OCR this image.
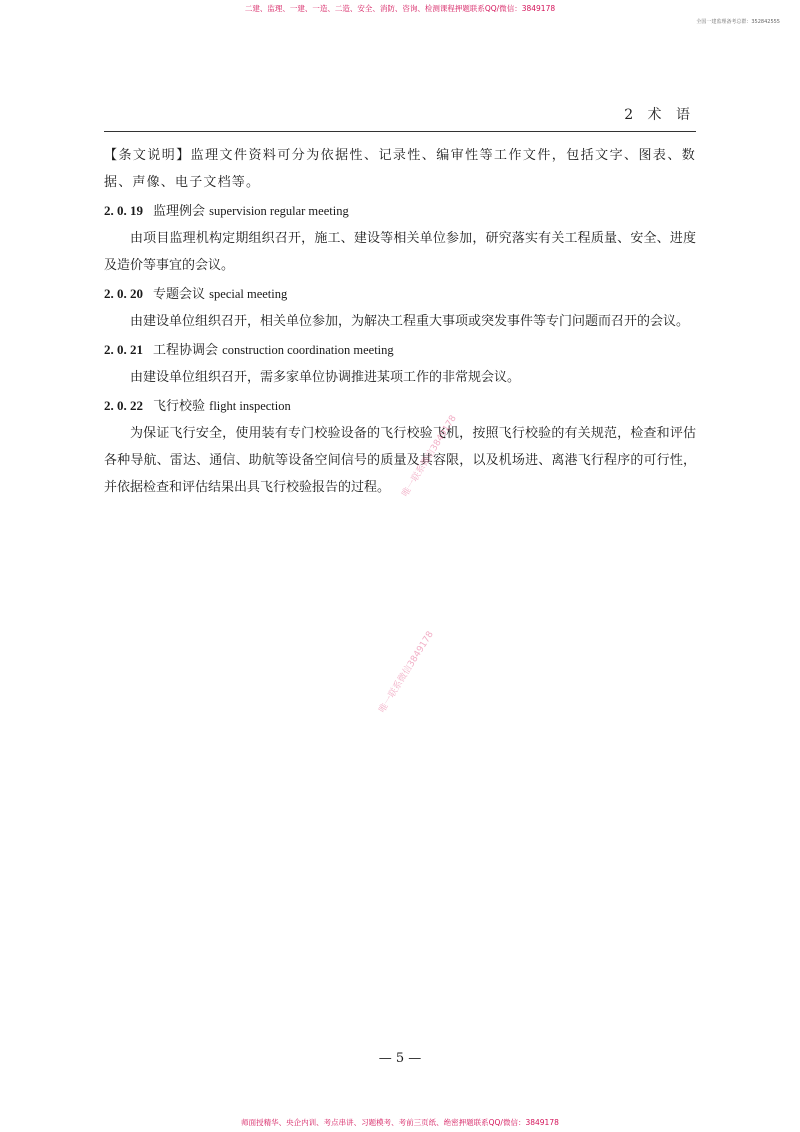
二建、监理、一建、一造、二造、安全、消防、咨询、检测课程押题联系QQ/微信：3849178
全国一建监理备考总群：352842555
2 术 语

【条文说明】监理文件资料可分为依据性、记录性、编审性等工作文件，包括文字、图表、数据、声像、电子文档等。

2. 0. 19 监理例会 supervision regular meeting

由项目监理机构定期组织召开，施工、建设等相关单位参加，研究落实有关工程质量、安全、进度及造价等事宜的会议。

2. 0. 20 专题会议 special meeting

由建设单位组织召开，相关单位参加，为解决工程重大事项或突发事件等专门问题而召开的会议。

2. 0. 21 工程协调会 construction coordination meeting

由建设单位组织召开，需多家单位协调推进某项工作的非常规会议。

2. 0. 22 飞行校验 flight inspection

为保证飞行安全，使用装有专门校验设备的飞行校验飞机，按照飞行校验的有关规范，检查和评估各种导航、雷达、通信、助航等设备空间信号的质量及其容限，以及机场进、离港飞行程序的可行性，并依据检查和评估结果出具飞行校验报告的过程。	唯一联系微信3849178
唯一联系微信3849178
— 5 —
师面授精华、央企内训、考点串讲、习题模考、考前三页纸、绝密押题联系QQ/微信：3849178
